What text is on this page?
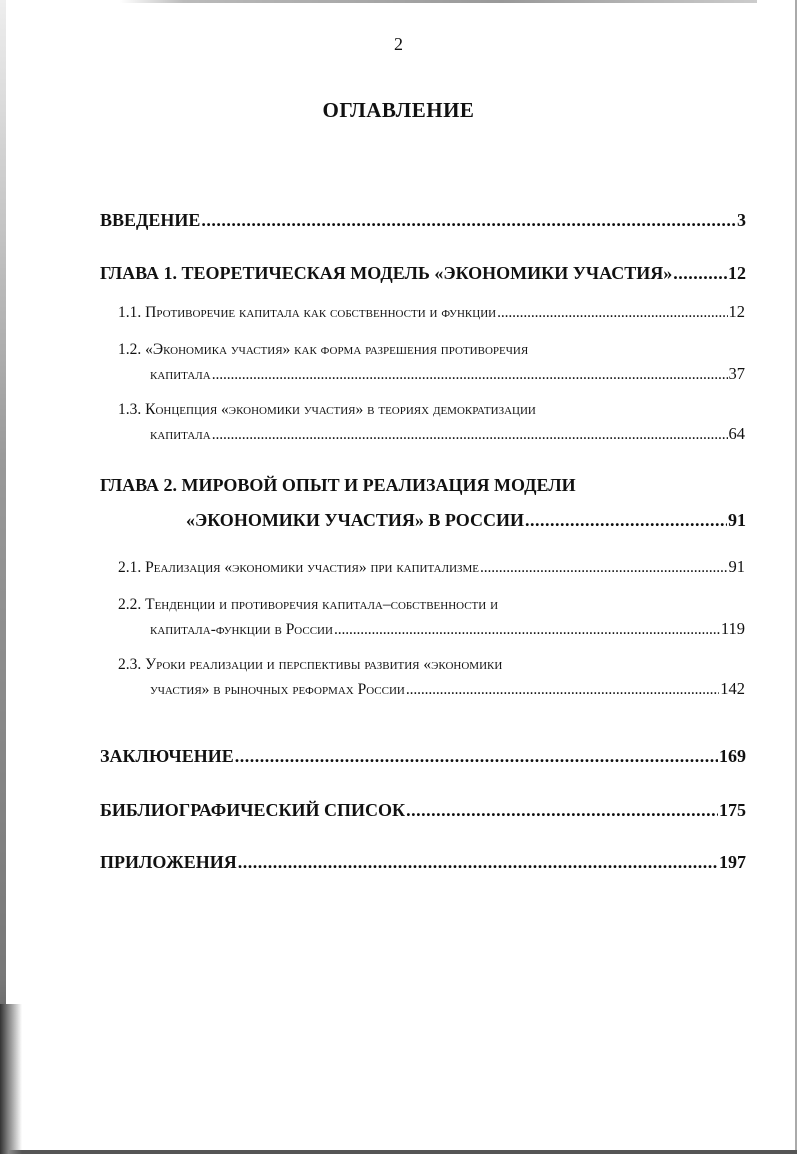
2
ОГЛАВЛЕНИЕ
ВВЕДЕНИЕ . . .	3
ГЛАВА 1. ТЕОРЕТИЧЕСКАЯ МОДЕЛЬ «ЭКОНОМИКИ УЧАСТИЯ» . . .	12
1.1. Противоречие капитала как собственности и функции . . .	12
1.2. «Экономика участия» как форма разрешения противоречия
капитала . . .	37
1.3. Концепция «экономики участия» в теориях демократизации
капитала . . .	64
ГЛАВА 2. МИРОВОЙ ОПЫТ И РЕАЛИЗАЦИЯ МОДЕЛИ
«ЭКОНОМИКИ УЧАСТИЯ» В РОССИИ . . .	91
2.1. Реализация «экономики участия» при капитализме . . .	91
2.2. Тенденции и противоречия капитала–собственности и
капитала-функции в России . . .	119
2.3. Уроки реализации и перспективы развития «экономики
участия» в рыночных реформах России . . .	142
ЗАКЛЮЧЕНИЕ . . .	169
БИБЛИОГРАФИЧЕСКИЙ СПИСОК . . .	175
ПРИЛОЖЕНИЯ . . .	197
